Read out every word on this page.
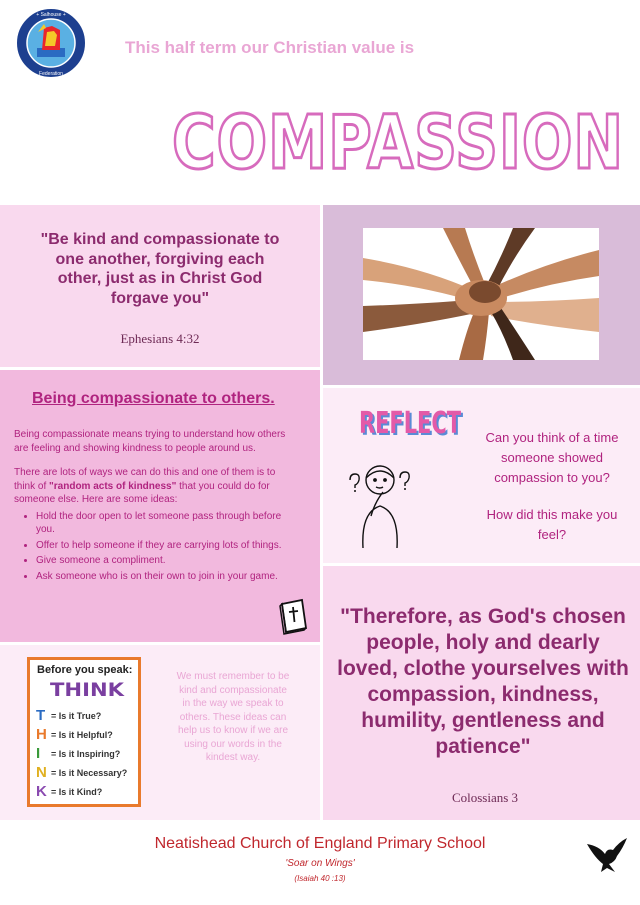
+ Salhouse +
Federation
This half term our Christian value is
COMPASSION
"Be kind and compassionate to one another, forgiving each other, just as in Christ God forgave you"
Ephesians 4:32
Being compassionate to others.

Being compassionate means trying to understand how others are feeling and showing kindness to people around us.

There are lots of ways we can do this and one of them is to think of "random acts of kindness" that you could do for someone else. Here are some ideas:

• Hold the door open to let someone pass through before you.
• Offer to help someone if they are carrying lots of things.
• Give someone a compliment.
• Ask someone who is on their own to join in your game.
REFLECT
REFLECT	Can you think of a time someone showed compassion to you?
How did this make you feel?
Before you speak:
THINK
T = Is it True?
H = Is it Helpful?
I = Is it Inspiring?
N = Is it Necessary?
K = Is it Kind?
We must remember to be kind and compassionate in the way we speak to others. These ideas can help us to know if we are using our words in the kindest way.
"Therefore, as God's chosen people, holy and dearly loved, clothe yourselves with compassion, kindness, humility, gentleness and patience"
Colossians 3
Neatishead Church of England Primary School
'Soar on Wings'
(Isaiah 40 :13)
